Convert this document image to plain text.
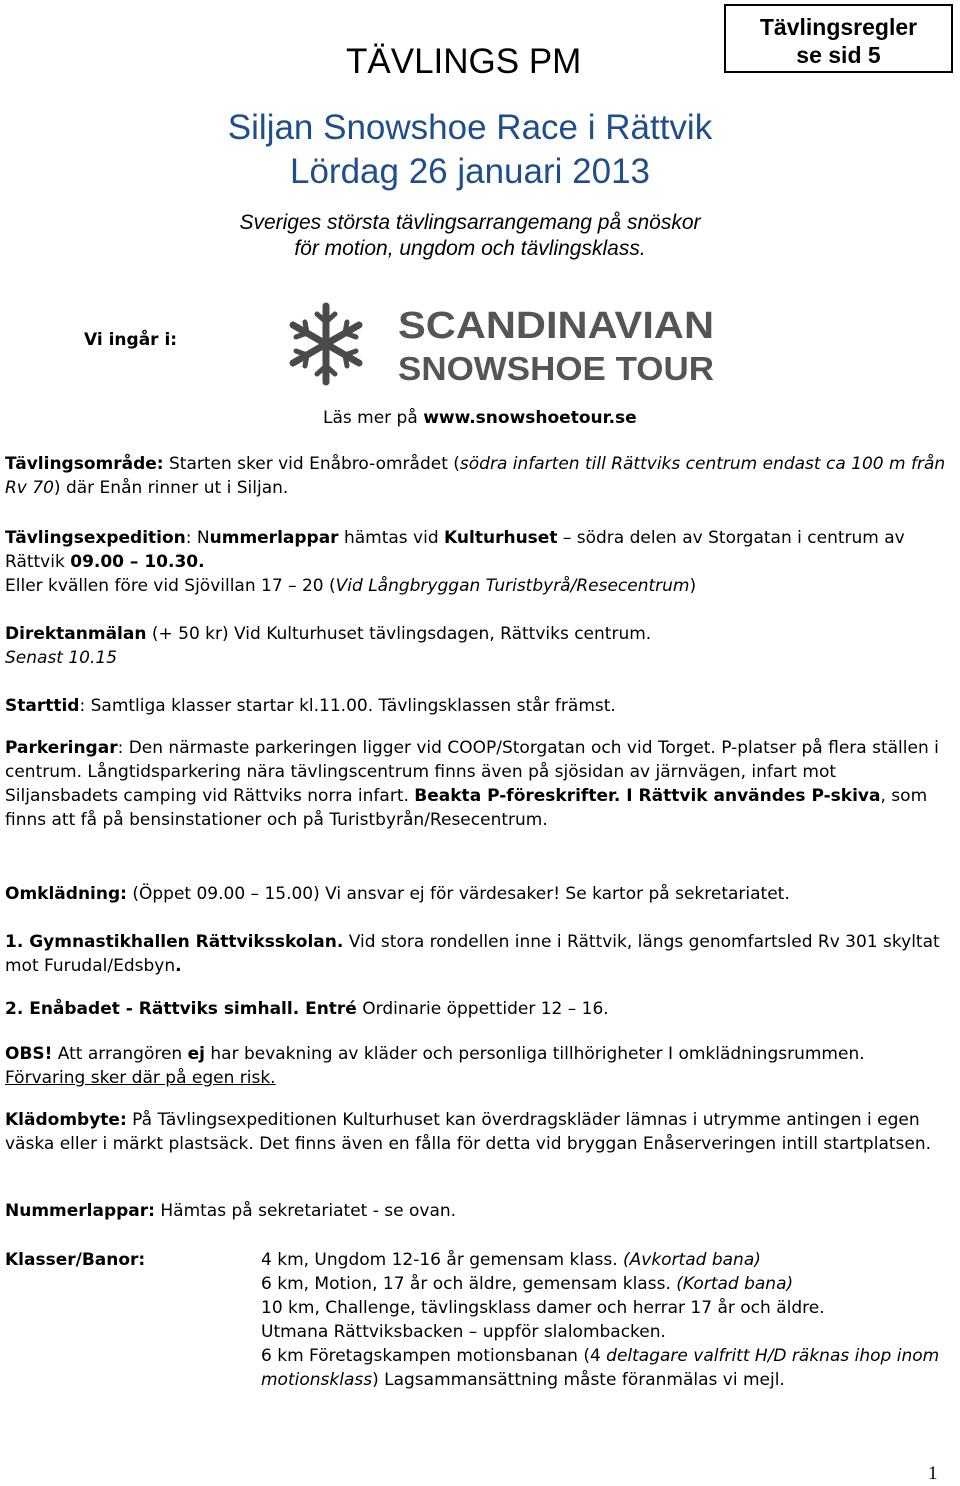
Tävlingsregler
se sid 5
TÄVLINGS PM
Siljan Snowshoe Race i Rättvik
Lördag 26 januari 2013
Sveriges största tävlingsarrangemang på snöskor
för motion, ungdom och tävlingsklass.
Vi ingår i:	SCANDINAVIAN
SNOWSHOE TOUR
Läs mer på www.snowshoetour.se

Tävlingsområde: Starten sker vid Enåbro-området (södra infarten till Rättviks centrum endast ca 100 m från Rv 70) där Enån rinner ut i Siljan.

Tävlingsexpedition: Nummerlappar hämtas vid Kulturhuset – södra delen av Storgatan i centrum av Rättvik 09.00 – 10.30.

Eller kvällen före vid Sjövillan 17 – 20 (Vid Långbryggan Turistbyrå/Resecentrum)

Direktanmälan (+ 50 kr) Vid Kulturhuset tävlingsdagen, Rättviks centrum.

Senast 10.15

Starttid: Samtliga klasser startar kl.11.00. Tävlingsklassen står främst.

Parkeringar: Den närmaste parkeringen ligger vid COOP/Storgatan och vid Torget. P-platser på flera ställen i centrum. Långtidsparkering nära tävlingscentrum finns även på sjösidan av järnvägen, infart mot Siljansbadets camping vid Rättviks norra infart. Beakta P-föreskrifter. I Rättvik användes P-skiva, som finns att få på bensinstationer och på Turistbyrån/Resecentrum.

Omklädning: (Öppet 09.00 – 15.00) Vi ansvar ej för värdesaker! Se kartor på sekretariatet.

1. Gymnastikhallen Rättviksskolan. Vid stora rondellen inne i Rättvik, längs genomfartsled Rv 301 skyltat mot Furudal/Edsbyn.

2. Enåbadet - Rättviks simhall. Entré Ordinarie öppettider 12 – 16.

OBS! Att arrangören ej har bevakning av kläder och personliga tillhörigheter I omklädningsrummen. Förvaring sker där på egen risk.

Klädombyte: På Tävlingsexpeditionen Kulturhuset kan överdragskläder lämnas i utrymme antingen i egen väska eller i märkt plastsäck. Det finns även en fålla för detta vid bryggan Enåserveringen intill startplatsen.

Nummerlappar: Hämtas på sekretariatet - se ovan.

Klasser/Banor:	4 km, Ungdom 12-16 år gemensam klass. (Avkortad bana)
6 km, Motion, 17 år och äldre, gemensam klass. (Kortad bana)
10 km, Challenge, tävlingsklass damer och herrar 17 år och äldre.
Utmana Rättviksbacken – uppför slalombacken.
6 km Företagskampen motionsbanan (4 deltagare valfritt H/D räknas ihop inom motionsklass) Lagsammansättning måste föranmälas vi mejl.
1
